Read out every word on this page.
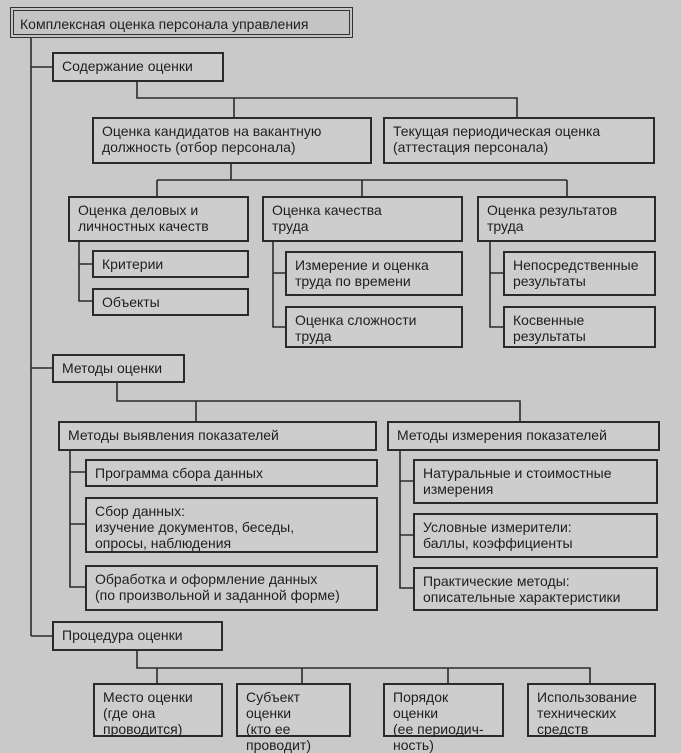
Комплексная оценка персонала управления
Содержание оценки
Оценка кандидатов на вакантную
должность (отбор персонала)
Текущая периодическая оценка
(аттестация персонала)
Оценка деловых и
личностных качеств
Оценка качества
труда
Оценка результатов
труда
Критерии
Объекты
Измерение и оценка
труда по времени
Оценка сложности
труда
Непосредственные
результаты
Косвенные
результаты
Методы оценки
Методы выявления показателей	Методы измерения показателей
Программа сбора данных
Сбор данных:
изучение документов, беседы,
опросы, наблюдения
Обработка и оформление данных
(по произвольной и заданной форме)
Натуральные и стоимостные
измерения
Условные измерители:
баллы, коэффициенты
Практические методы:
описательные характеристики
Процедура оценки
Место оценки
(где она
проводится)
Субъект оценки
(кто ее
проводит)
Порядок оценки
(ее периодич-
ность)
Использование
технических
средств
